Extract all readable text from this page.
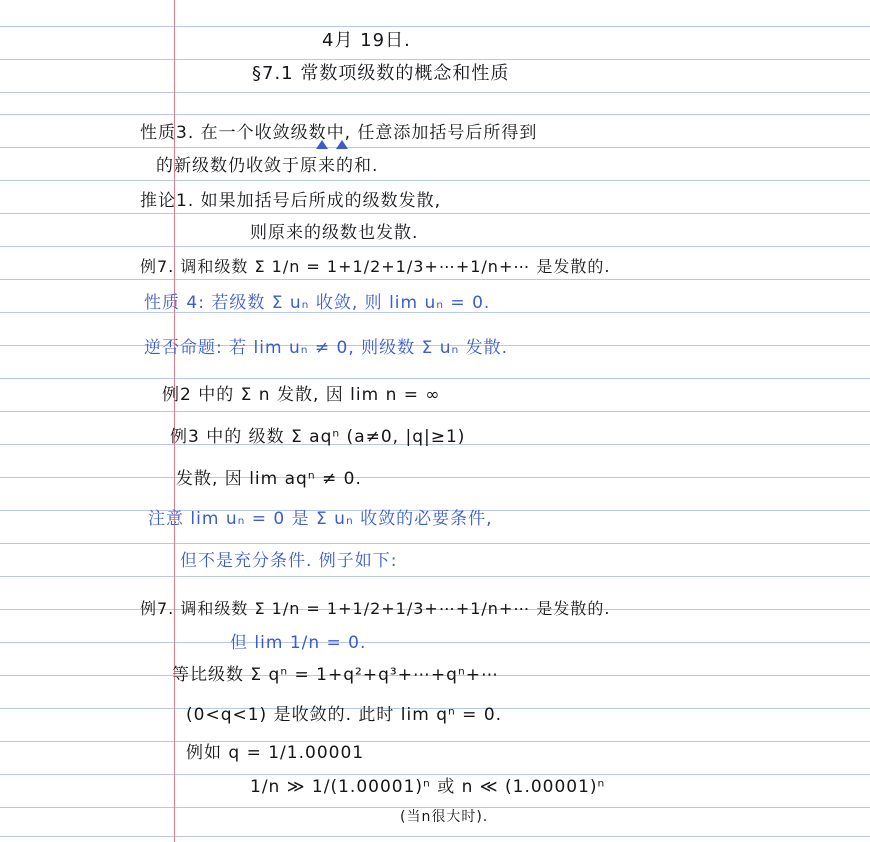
4月 19日.
§7.1 常数项级数的概念和性质
性质3. 在一个收敛级数中, 任意添加括号后所得到
的新级数仍收敛于原来的和.
推论1. 如果加括号后所成的级数发散,
则原来的级数也发散.
例7. 调和级数 Σ 1/n = 1+1/2+1/3+⋯+1/n+⋯ 是发散的.
性质 4: 若级数 Σ uₙ 收敛, 则 lim uₙ = 0.
逆否命题: 若 lim uₙ ≠ 0, 则级数 Σ uₙ 发散.
例2 中的 Σ n 发散, 因 lim n = ∞
例3 中的 级数 Σ aqⁿ (a≠0, |q|≥1)
发散, 因 lim aqⁿ ≠ 0.
注意 lim uₙ = 0 是 Σ uₙ 收敛的必要条件,
但不是充分条件. 例子如下:
例7. 调和级数 Σ 1/n = 1+1/2+1/3+⋯+1/n+⋯ 是发散的.
但 lim 1/n = 0.
等比级数 Σ qⁿ = 1+q²+q³+⋯+qⁿ+⋯
(0<q<1) 是收敛的. 此时 lim qⁿ = 0.
例如 q = 1/1.00001
1/n ≫ 1/(1.00001)ⁿ 或 n ≪ (1.00001)ⁿ
(当n很大时).
